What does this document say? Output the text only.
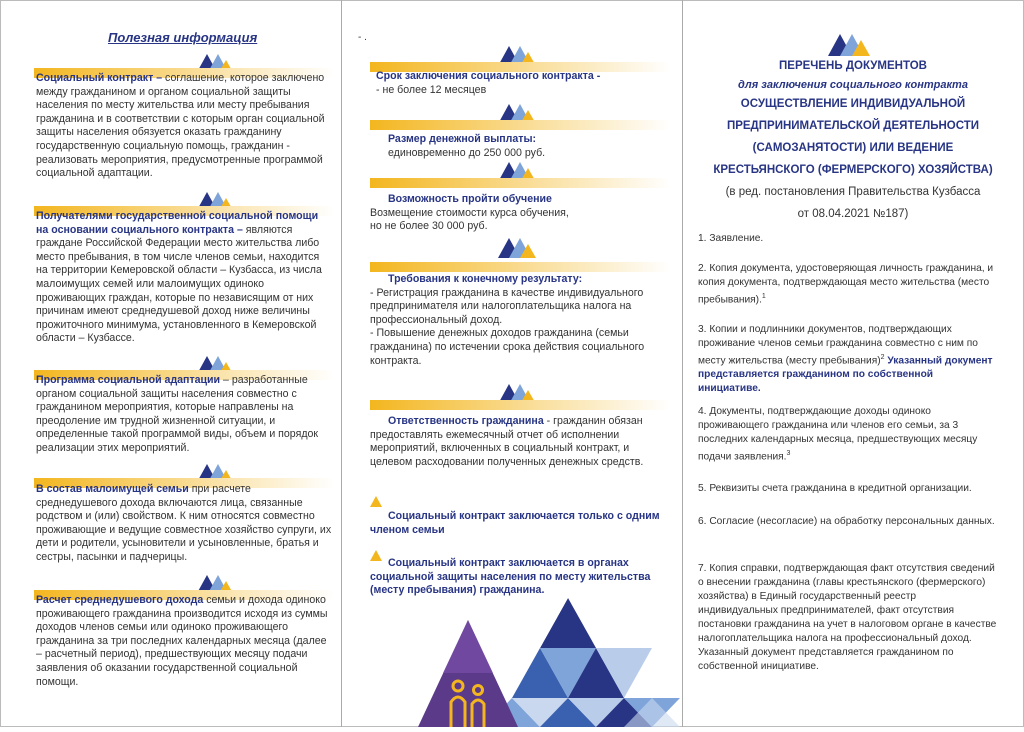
Полезная информация
Социальный контракт – соглашение, которое заключено между гражданином и органом социальной защиты населения по месту жительства или месту пребывания гражданина и в соответствии с которым орган социальной защиты населения обязуется оказать гражданину государственную социальную помощь, гражданин - реализовать мероприятия, предусмотренные программой социальной адаптации.
Получателями государственной социальной помощи на основании социального контракта – являются граждане Российской Федерации место жительства либо место пребывания, в том числе членов семьи, находится на территории Кемеровской области – Кузбасса, из числа малоимущих семей или малоимущих одиноко проживающих граждан, которые по независящим от них причинам имеют среднедушевой доход ниже величины прожиточного минимума, установленного в Кемеровской области – Кузбассе.
Программа социальной адаптации – разработанные органом социальной защиты населения совместно с гражданином мероприятия, которые направлены на преодоление им трудной жизненной ситуации, и определенные такой программой виды, объем и порядок реализации этих мероприятий.
В состав малоимущей семьи при расчете среднедушевого дохода включаются лица, связанные родством и (или) свойством. К ним относятся совместно проживающие и ведущие совместное хозяйство супруги, их дети и родители, усыновители и усыновленные, братья и сестры, пасынки и падчерицы.
Расчет среднедушевого дохода семьи и дохода одиноко проживающего гражданина производится исходя из суммы доходов членов семьи или одиноко проживающего гражданина за три последних календарных месяца (далее – расчетный период), предшествующих месяцу подачи заявления об оказании государственной социальной помощи.
- .
Срок заключения социального контракта -
- не более 12 месяцев
Размер денежной выплаты:
единовременно до 250 000 руб.
Возможность пройти обучение
Возмещение стоимости курса обучения,
но не более 30 000 руб.
Требования к конечному результату:
- Регистрация гражданина в качестве индивидуального предпринимателя или налогоплательщика налога на профессиональный доход.
- Повышение денежных доходов гражданина (семьи гражданина) по истечении срока действия социального контракта.
Ответственность гражданина - гражданин обязан предоставлять ежемесячный отчет об исполнении мероприятий, включенных в социальный контракт, и целевом расходовании полученных денежных средств.
Социальный контракт заключается только с одним членом семьи
Социальный контракт заключается в органах социальной защиты населения по месту жительства (месту пребывания) гражданина.
ПЕРЕЧЕНЬ ДОКУМЕНТОВ
для заключения социального контракта
ОСУЩЕСТВЛЕНИЕ ИНДИВИДУАЛЬНОЙ
ПРЕДПРИНИМАТЕЛЬСКОЙ ДЕЯТЕЛЬНОСТИ
(САМОЗАНЯТОСТИ) ИЛИ ВЕДЕНИЕ
КРЕСТЬЯНСКОГО (ФЕРМЕРСКОГО) ХОЗЯЙСТВА)
(в ред. постановления Правительства Кузбасса
от 08.04.2021 №187)
1. Заявление.
2. Копия документа, удостоверяющая личность гражданина, и копия документа, подтверждающая место жительства (место пребывания).$^1$
3. Копии и подлинники документов, подтверждающих проживание членов семьи гражданина совместно с ним по месту жительства (месту пребывания)$^2$ Указанный документ представляется гражданином по собственной инициативе.
4. Документы, подтверждающие доходы одиноко проживающего гражданина или членов его семьи, за 3 последних календарных месяца, предшествующих месяцу подачи заявления.$^3$
5. Реквизиты счета гражданина в кредитной организации.
6. Согласие (несогласие) на обработку персональных данных.
7. Копия справки, подтверждающая факт отсутствия сведений о внесении гражданина (главы крестьянского (фермерского) хозяйства) в Единый государственный реестр индивидуальных предпринимателей, факт отсутствия постановки гражданина на учет в налоговом органе в качестве налогоплательщика налога на профессиональный доход. Указанный документ представляется гражданином по собственной инициативе.
